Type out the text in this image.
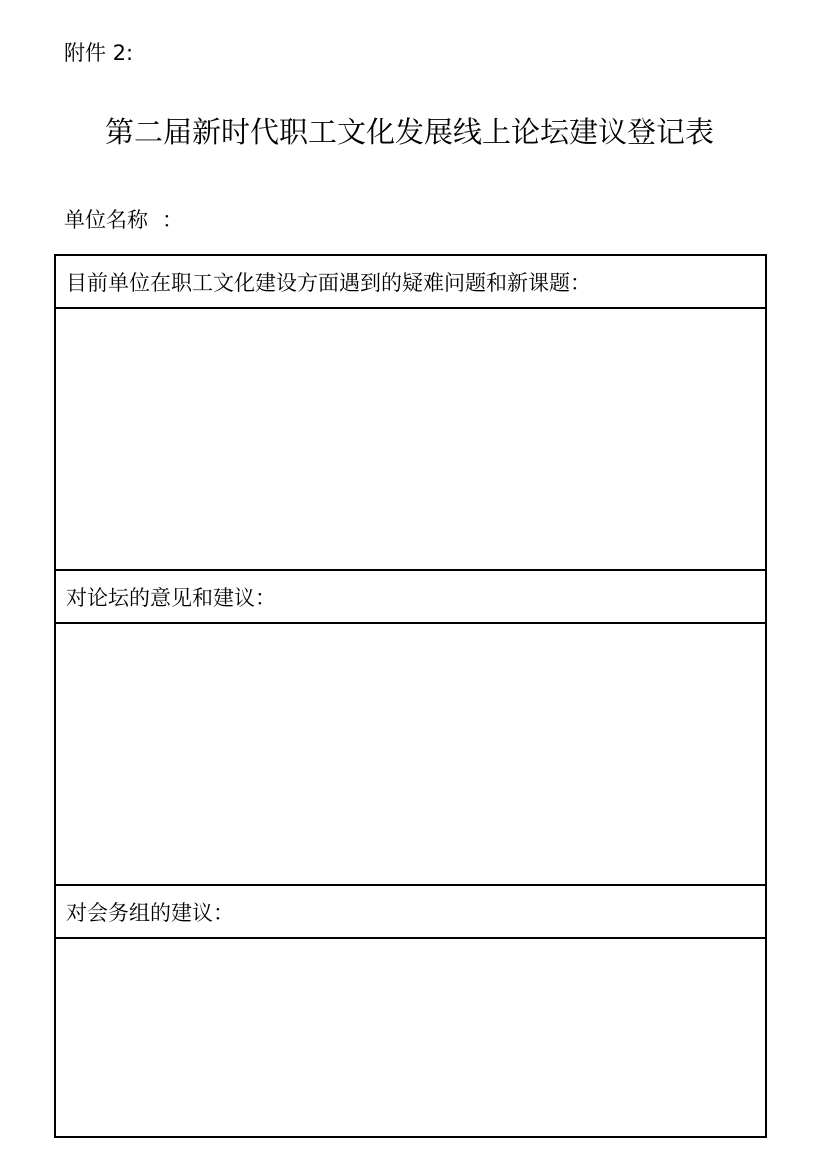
附件 2:
第二届新时代职工文化发展线上论坛建议登记表
单位名称 ：
目前单位在职工文化建设方面遇到的疑难问题和新课题：
对论坛的意见和建议：
对会务组的建议：
